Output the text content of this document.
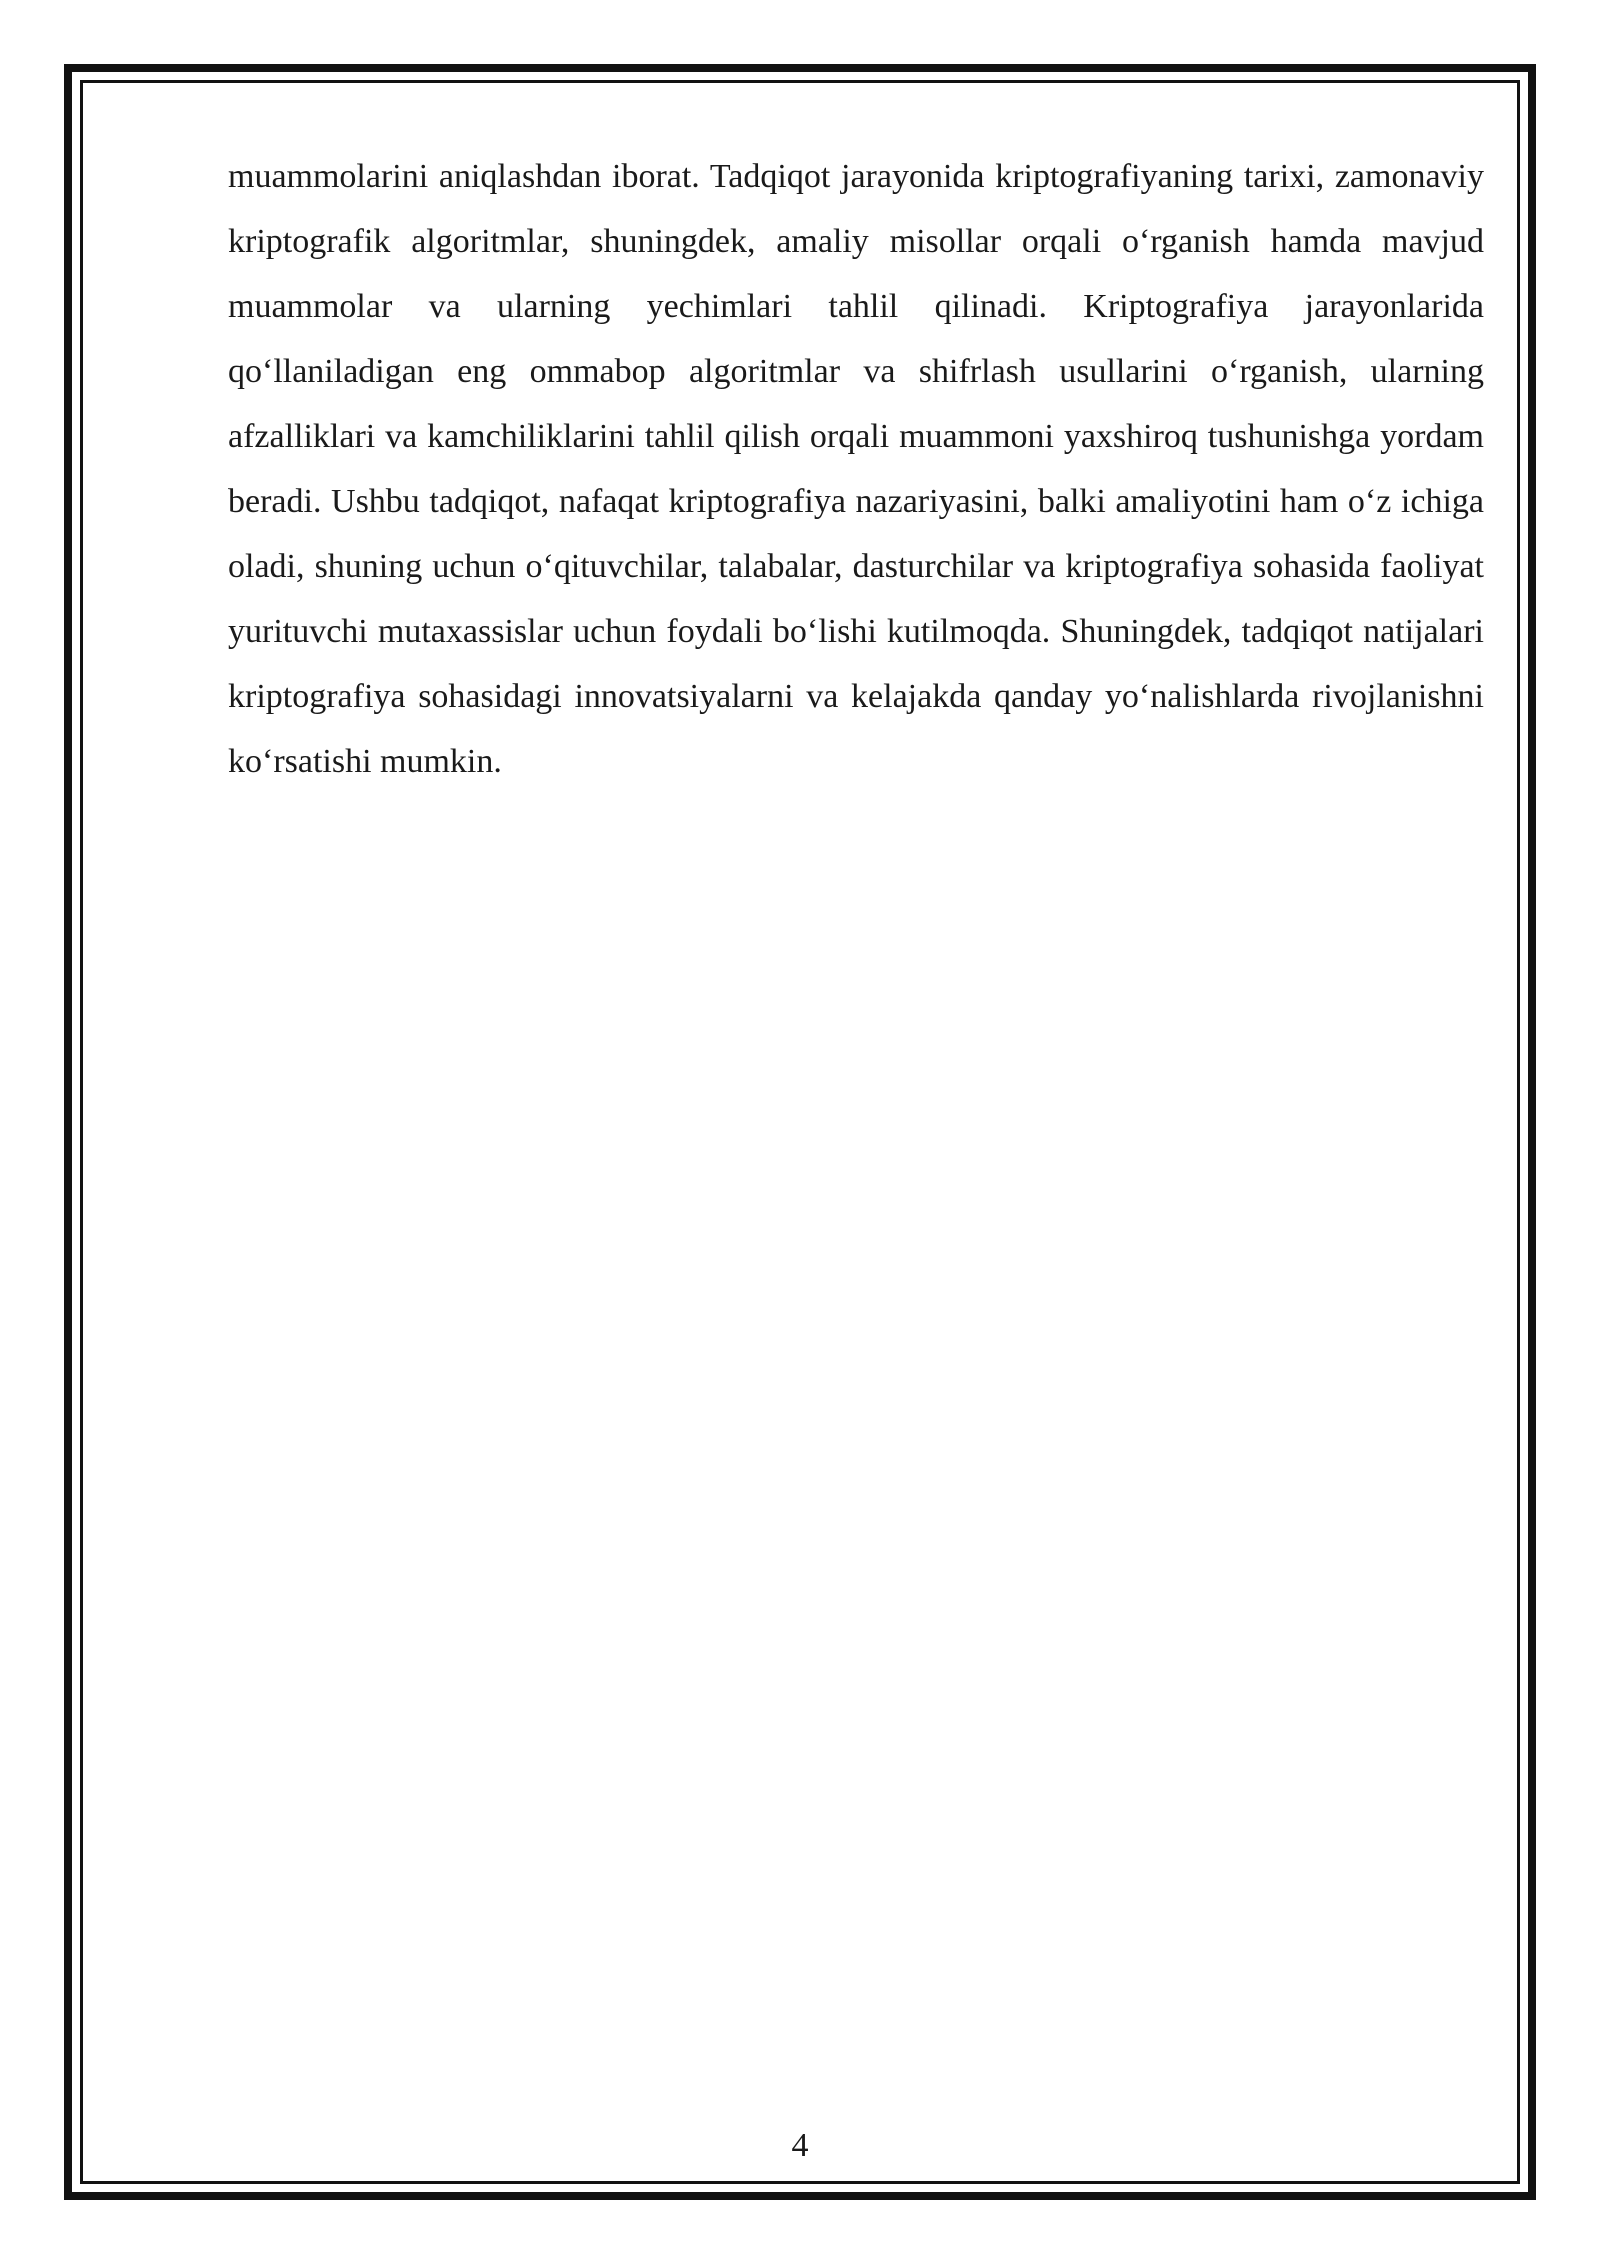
muammolarini aniqlashdan iborat. Tadqiqot jarayonida kriptografiyaning tarixi, zamonaviy kriptografik algoritmlar, shuningdek, amaliy misollar orqali o‘rganish hamda mavjud muammolar va ularning yechimlari tahlil qilinadi. Kriptografiya jarayonlarida qo‘llaniladigan eng ommabop algoritmlar va shifrlash usullarini o‘rganish, ularning afzalliklari va kamchiliklarini tahlil qilish orqali muammoni yaxshiroq tushunishga yordam beradi. Ushbu tadqiqot, nafaqat kriptografiya nazariyasini, balki amaliyotini ham o‘z ichiga oladi, shuning uchun o‘qituvchilar, talabalar, dasturchilar va kriptografiya sohasida faoliyat yurituvchi mutaxassislar uchun foydali bo‘lishi kutilmoqda. Shuningdek, tadqiqot natijalari kriptografiya sohasidagi innovatsiyalarni va kelajakda qanday yo‘nalishlarda rivojlanishni ko‘rsatishi mumkin.

4
